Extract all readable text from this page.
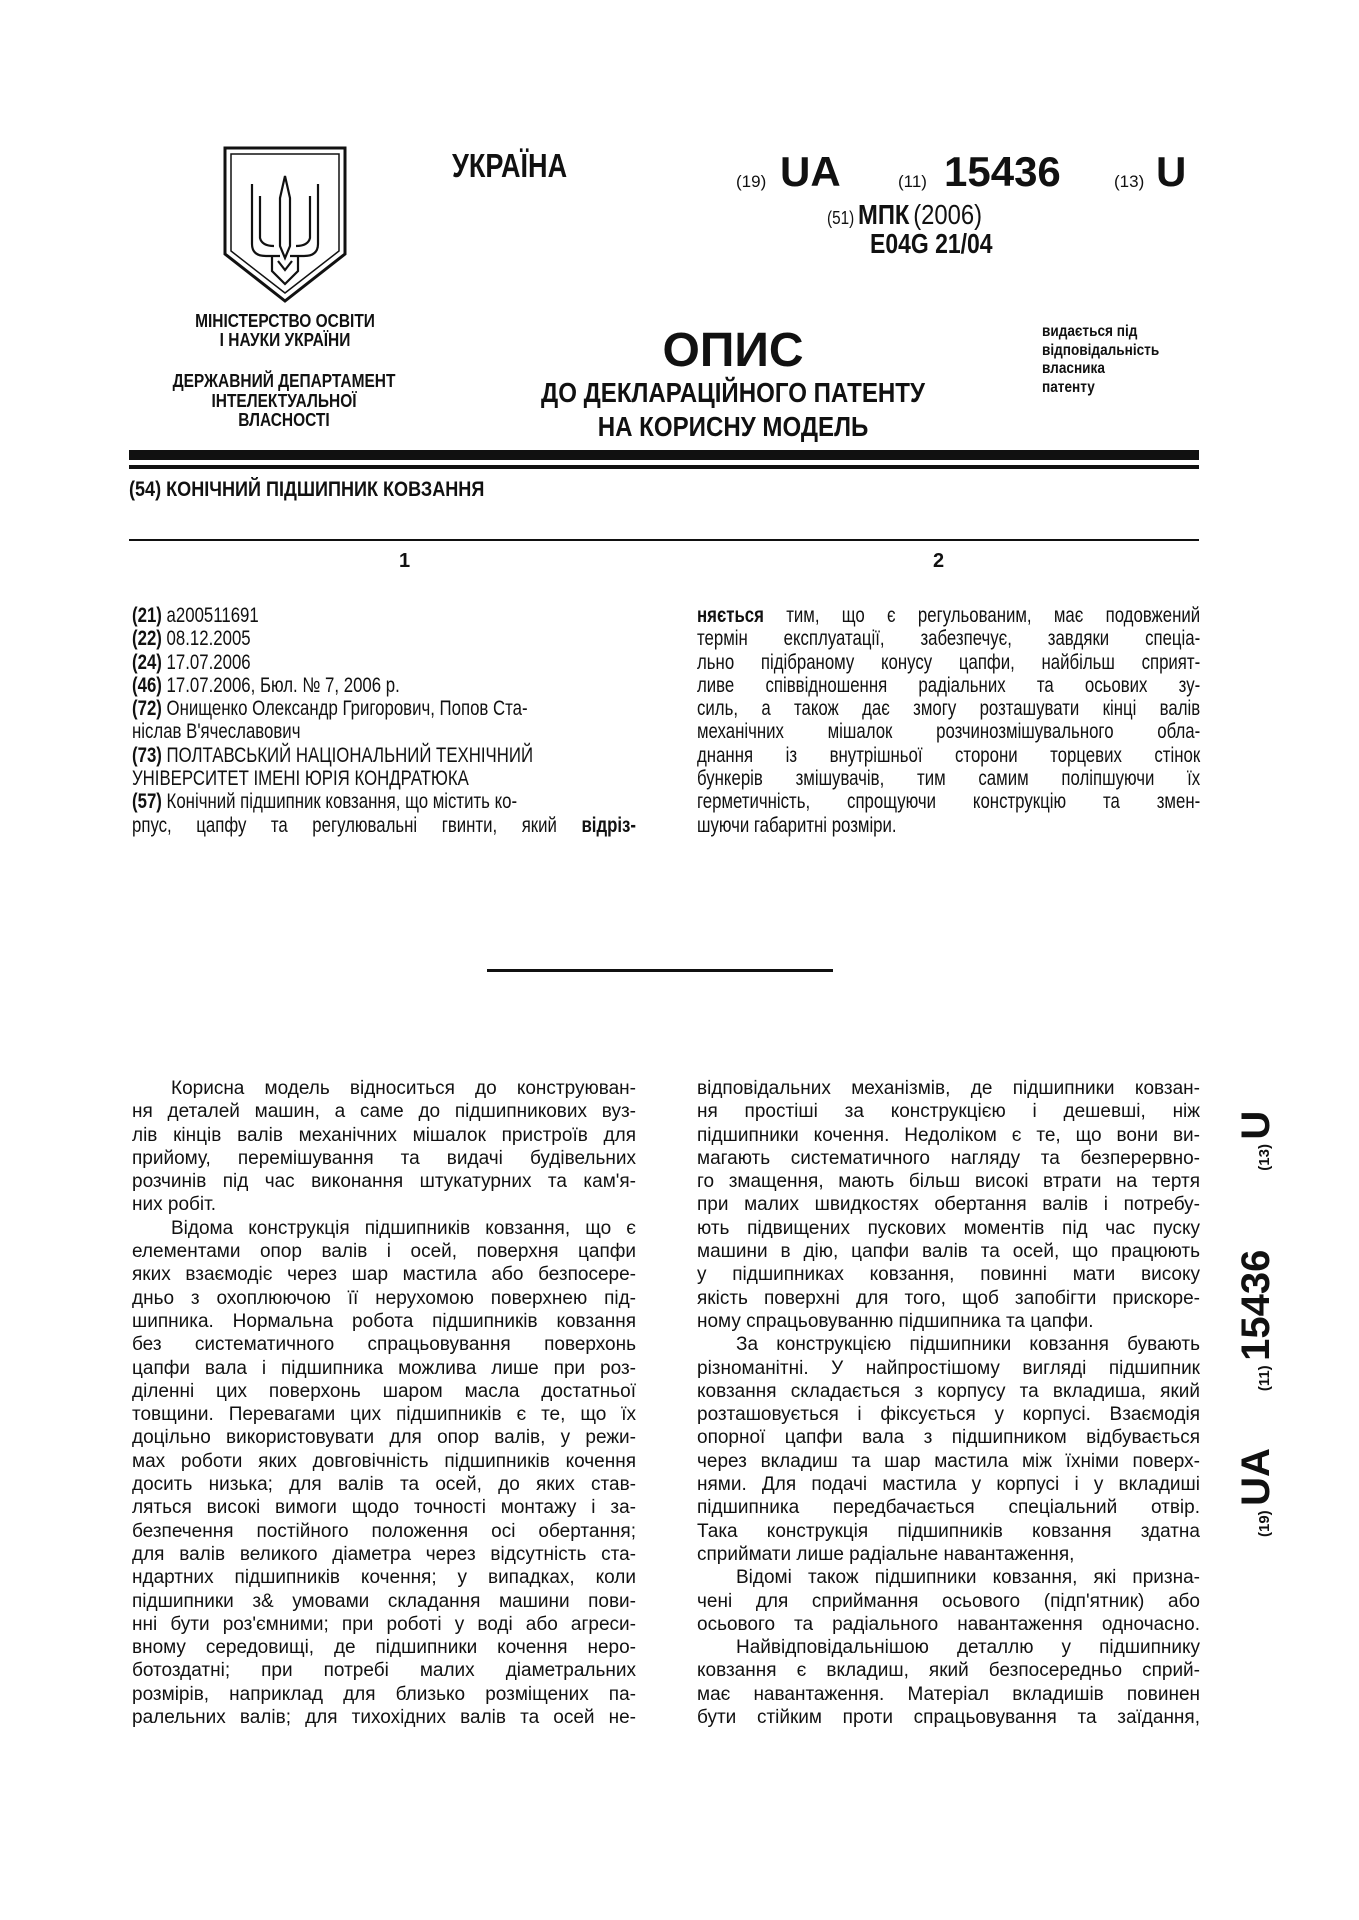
УКРАЇНА	(19) UA	(11) 15436	(13) U
(51) МПК (2006)
E04G 21/04
МІНІСТЕРСТВО ОСВІТИ
І НАУКИ УКРАЇНИ
ДЕРЖАВНИЙ ДЕПАРТАМЕНТ
ІНТЕЛЕКТУАЛЬНОЇ
ВЛАСНОСТІ
ОПИС
ДО ДЕКЛАРАЦІЙНОГО ПАТЕНТУ
НА КОРИСНУ МОДЕЛЬ
видається під
відповідальність
власника
патенту
(54) КОНІЧНИЙ ПІДШИПНИК КОВЗАННЯ
1	2
(21) a200511691
(22) 08.12.2005
(24) 17.07.2006
(46) 17.07.2006, Бюл. № 7, 2006 р.
(72) Онищенко Олександр Григорович, Попов Ста-
ніслав В'ячеславович
(73) ПОЛТАВСЬКИЙ НАЦІОНАЛЬНИЙ ТЕХНІЧНИЙ
УНІВЕРСИТЕТ ІМЕНІ ЮРІЯ КОНДРАТЮКА
(57) Конічний підшипник ковзання, що містить ко-
рпус, цапфу та регулювальні гвинти, який відріз-
няється тим, що є регульованим, має подовжений
термін експлуатації, забезпечує, завдяки спеціа-
льно підібраному конусу цапфи, найбільш сприят-
ливе співвідношення радіальних та осьових зу-
силь, а також дає змогу розташувати кінці валів
механічних мішалок розчинозмішувального обла-
днання із внутрішньої сторони торцевих стінок
бункерів змішувачів, тим самим поліпшуючи їх
герметичність, спрощуючи конструкцію та змен-
шуючи габаритні розміри.
Корисна модель відноситься до конструюван-
ня деталей машин, а саме до підшипникових вуз-
лів кінців валів механічних мішалок пристроїв для
прийому, перемішування та видачі будівельних
розчинів під час виконання штукатурних та кам'я-
них робіт.
Відома конструкція підшипників ковзання, що є
елементами опор валів і осей, поверхня цапфи
яких взаємодіє через шар мастила або безпосере-
дньо з охоплюючою її нерухомою поверхнею під-
шипника. Нормальна робота підшипників ковзання
без систематичного спрацьовування поверхонь
цапфи вала і підшипника можлива лише при роз-
діленні цих поверхонь шаром масла достатньої
товщини. Перевагами цих підшипників є те, що їх
доцільно використовувати для опор валів, у режи-
мах роботи яких довговічність підшипників кочення
досить низька; для валів та осей, до яких став-
ляться високі вимоги щодо точності монтажу і за-
безпечення постійного положення осі обертання;
для валів великого діаметра через відсутність ста-
ндартних підшипників кочення; у випадках, коли
підшипники з& умовами складання машини пови-
нні бути роз'ємними; при роботі у воді або агреси-
вному середовищі, де підшипники кочення неро-
ботоздатні; при потребі малих діаметральних
розмірів, наприклад для близько розміщених па-
ралельних валів; для тихохідних валів та осей не-
відповідальних механізмів, де підшипники ковзан-
ня простіші за конструкцією і дешевші, ніж
підшипники кочення. Недоліком є те, що вони ви-
магають систематичного нагляду та безперервно-
го змащення, мають більш високі втрати на тертя
при малих швидкостях обертання валів і потребу-
ють підвищених пускових моментів під час пуску
машини в дію, цапфи валів та осей, що працюють
у підшипниках ковзання, повинні мати високу
якість поверхні для того, щоб запобігти прискоре-
ному спрацьовуванню підшипника та цапфи.
За конструкцією підшипники ковзання бувають
різноманітні. У найпростішому вигляді підшипник
ковзання складається з корпусу та вкладиша, який
розташовується і фіксується у корпусі. Взаємодія
опорної цапфи вала з підшипником відбувається
через вкладиш та шар мастила між їхніми поверх-
нями. Для подачі мастила у корпусі і у вкладиші
підшипника передбачається спеціальний отвір.
Така конструкція підшипників ковзання здатна
сприймати лише радіальне навантаження,
Відомі також підшипники ковзання, які призна-
чені для сприймання осьового (підп'ятник) або
осьового та радіального навантаження одночасно.
Найвідповідальнішою деталлю у підшипнику
ковзання є вкладиш, який безпосередньо сприй-
має навантаження. Матеріал вкладишів повинен
бути стійким проти спрацьовування та заїдання,
(19) UA  (11) 15436  (13) U
